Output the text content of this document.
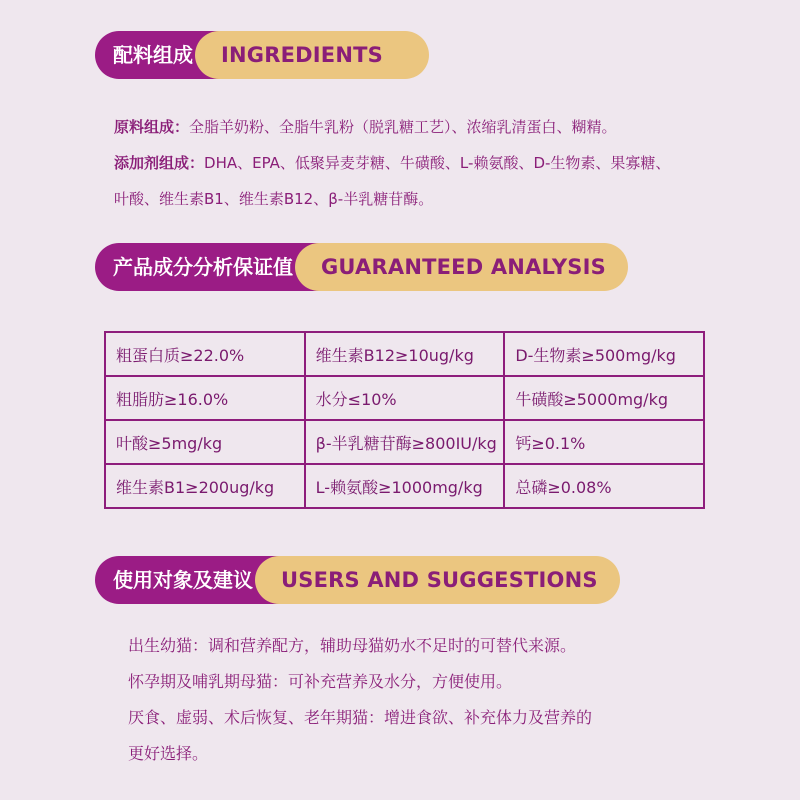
配料组成	INGREDIENTS

原料组成：全脂羊奶粉、全脂牛乳粉（脱乳糖工艺）、浓缩乳清蛋白、糊精。

添加剂组成：DHA、EPA、低聚异麦芽糖、牛磺酸、L-赖氨酸、D-生物素、果寡糖、

叶酸、维生素B1、维生素B12、β-半乳糖苷酶。

产品成分分析保证值	GUARANTEED ANALYSIS
粗蛋白质≥22.0%	维生素B12≥10ug/kg	D-生物素≥500mg/kg
粗脂肪≥16.0%	水分≤10%	牛磺酸≥5000mg/kg
叶酸≥5mg/kg	β-半乳糖苷酶≥800IU/kg	钙≥0.1%
维生素B1≥200ug/kg	L-赖氨酸≥1000mg/kg	总磷≥0.08%
使用对象及建议	USERS AND SUGGESTIONS

出生幼猫：调和营养配方，辅助母猫奶水不足时的可替代来源。

怀孕期及哺乳期母猫：可补充营养及水分，方便使用。

厌食、虚弱、术后恢复、老年期猫：增进食欲、补充体力及营养的

更好选择。
